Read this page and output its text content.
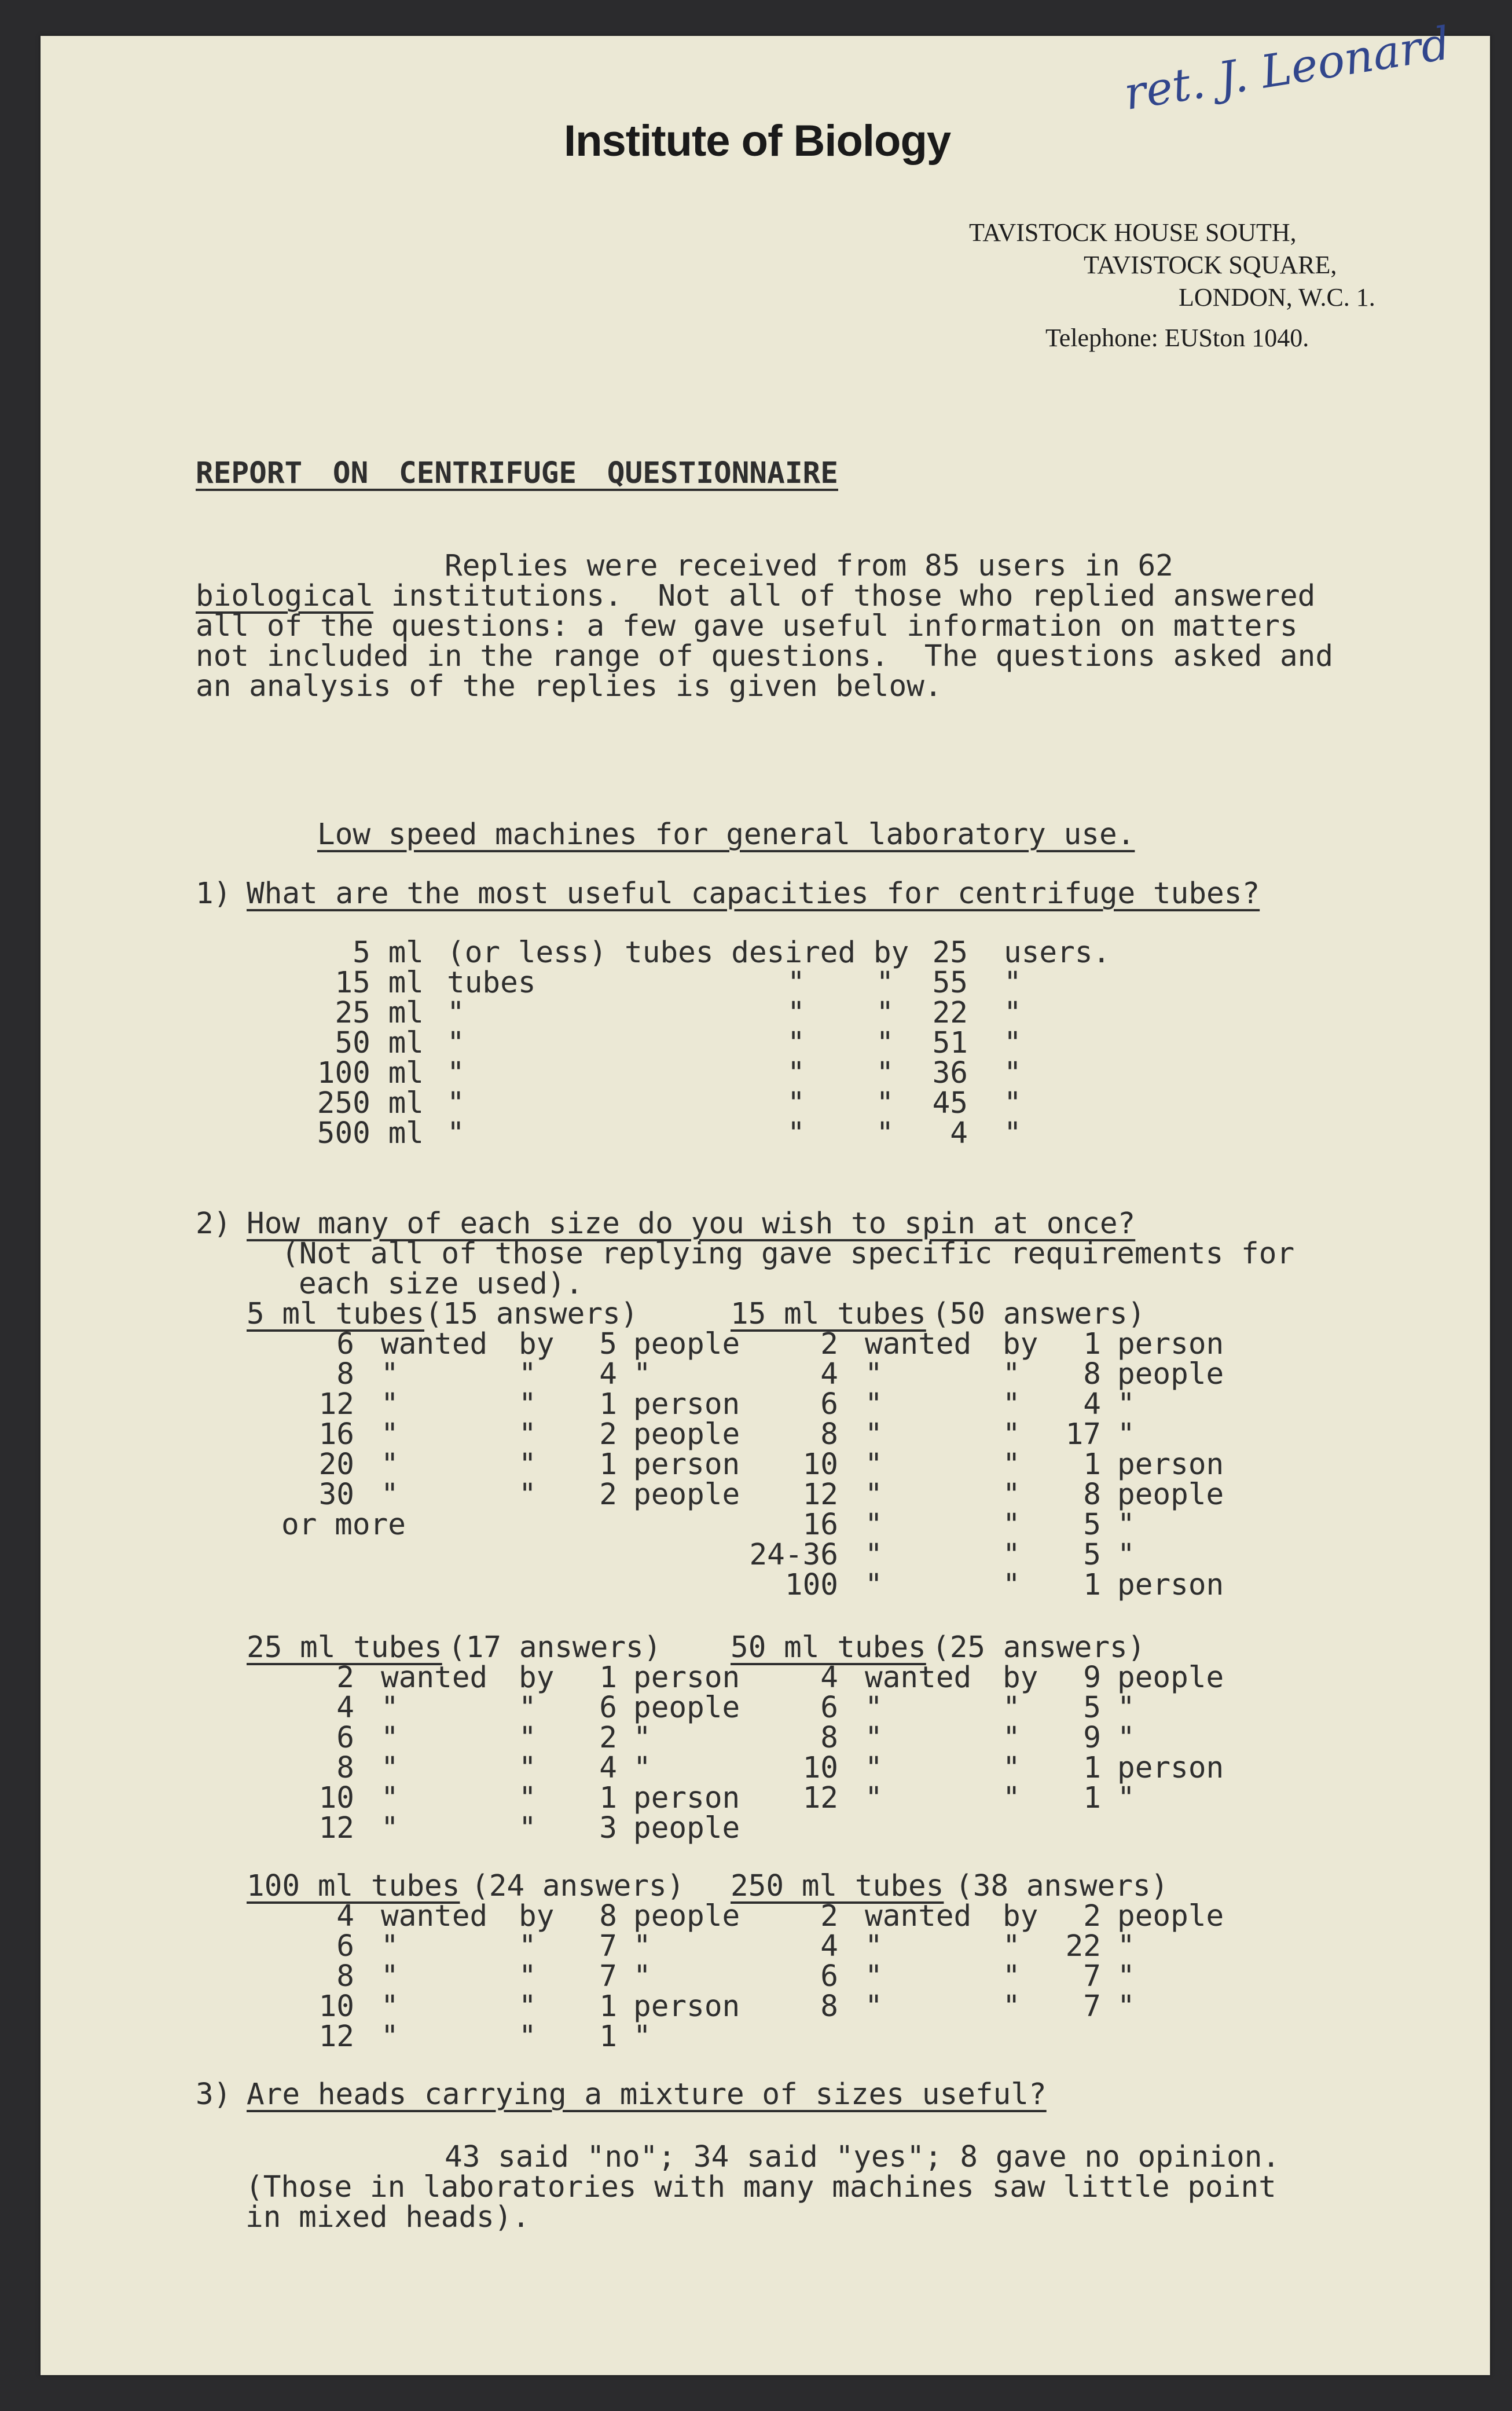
Institute of Biology
ret. J. Leonard
TAVISTOCK HOUSE SOUTH,
TAVISTOCK SQUARE,
LONDON, W.C. 1.
Telephone: EUSton 1040.
REPORT ON CENTRIFUGE QUESTIONNAIRE
Replies were received from 85 users in 62
biological institutions.  Not all of those who replied answered
all of the questions: a few gave useful information on matters
not included in the range of questions.  The questions asked and
an analysis of the replies is given below.
Low speed machines for general laboratory use.
1) What are the most useful capacities for centrifuge tubes?
5 ml (or less) tubes desired by 25 users.
15 ml tubes	"    "	55 "
25 ml "	"    "	22 "
50 ml "	"    "	51 "
100 ml "	"    "	36 "
250 ml "	"    "	45 "
500 ml "	"    "	4 "
2) How many of each size do you wish to spin at once?
(Not all of those replying gave specific requirements for
each size used).
5 ml tubes (15 answers)
6 wanted by	5 people
8 "	"	4 "
12 "	"	1 person
16 "	"	2 people
20 "	"	1 person
30 "	"	2 people
or more
15 ml tubes (50 answers)
2 wanted by	1 person
4 "	"	8 people
6 "	"	4 "
8 "	"	17 "
10 "	"	1 person
12 "	"	8 people
16 "	"	5 "
24-36 "	"	5 "
100 "	"	1 person
25 ml tubes (17 answers)
2 wanted by	1 person
4 "	"	6 people
6 "	"	2 "
8 "	"	4 "
10 "	"	1 person
12 "	"	3 people
50 ml tubes (25 answers)
4 wanted by	9 people
6 "	"	5 "
8 "	"	9 "
10 "	"	1 person
12 "	"	1 "
100 ml tubes (24 answers)
4 wanted by	8 people
6 "	"	7 "
8 "	"	7 "
10 "	"	1 person
12 "	"	1 "
250 ml tubes (38 answers)
2 wanted by	2 people
4 "	"	22 "
6 "	"	7 "
8 "	"	7 "
3) Are heads carrying a mixture of sizes useful?
43 said "no"; 34 said "yes"; 8 gave no opinion.
(Those in laboratories with many machines saw little point
in mixed heads).
